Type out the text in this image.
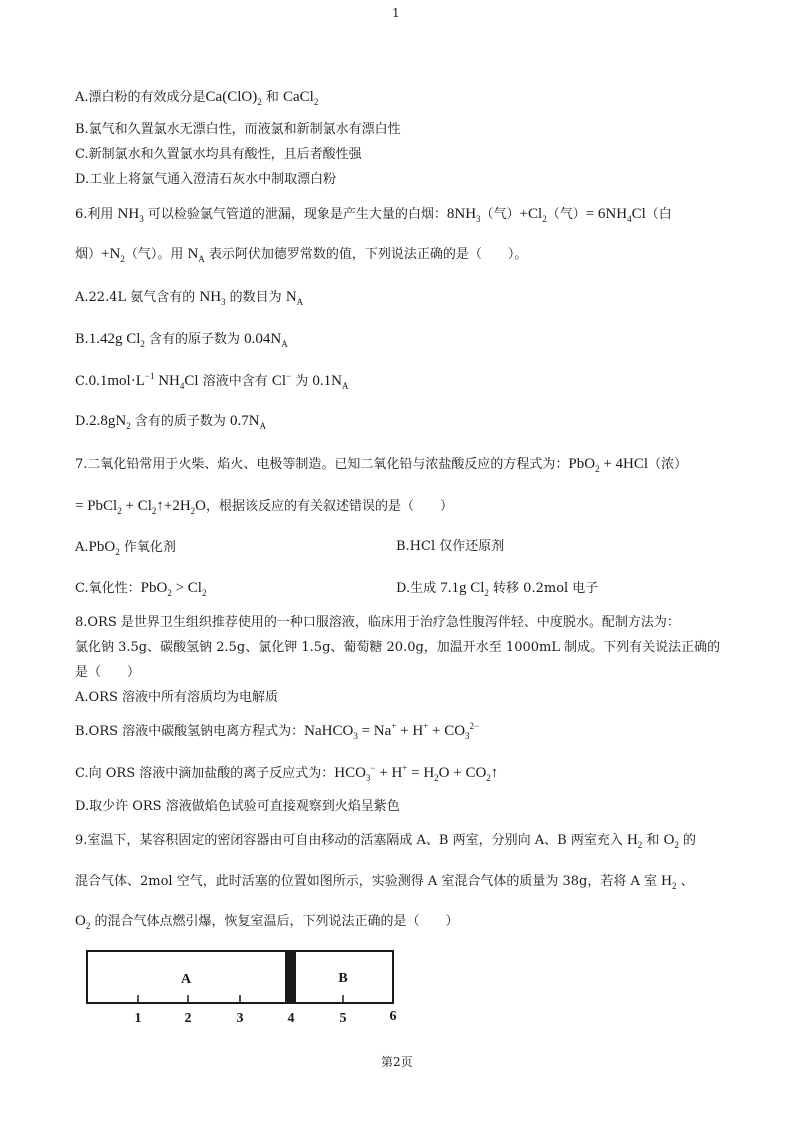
1
A.漂白粉的有效成分是$Ca(ClO)_2$ 和 CaCl$_2$
B.氯气和久置氯水无漂白性，而液氯和新制氯水有漂白性
C.新制氯水和久置氯水均具有酸性，且后者酸性强
D.工业上将氯气通入澄清石灰水中制取漂白粉
6.利用 $NH_3$ 可以检验氯气管道的泄漏，现象是产生大量的白烟：$8NH_3$（气）$+Cl_2$（气）= $6NH_4Cl$（白
烟）$+N_2$（气）。用 $N_A$ 表示阿伏加德罗常数的值，下列说法正确的是（　　）。
A.22.4L 氨气含有的 $NH_3$ 的数目为 $N_A$
B.1.42g $Cl_2$ 含有的原子数为 $0.04N_A$
$C.0.1mol\cdot L^{-1}$ $NH_4Cl$ 溶液中含有 Cl− 为 $0.1N_A$
$D.2.8gN_2$ 含有的质子数为 $0.7N_A$
7.二氧化铅常用于火柴、焰火、电极等制造。已知二氧化铅与浓盐酸反应的方程式为：PbO$_2$ + 4HCl（浓）
= PbCl$_2$ + $Cl_2↑+2H_2O$，根据该反应的有关叙述错误的是（　　）
A.PbO$_2$ 作氧化剂	B.HCl 仅作还原剂
C.氧化性：$PbO_2 > Cl_2$	D.生成 7.1g $Cl_2$ 转移 0.2mol 电子
8.ORS 是世界卫生组织推荐使用的一种口服溶液，临床用于治疗急性腹泻伴轻、中度脱水。配制方法为：
氯化钠 3.5g、碳酸氢钠 2.5g、氯化钾 1.5g、葡萄糖 20.0g，加温开水至 1000mL 制成。下列有关说法正确的
是（　　）
A.ORS 溶液中所有溶质均为电解质
B.ORS 溶液中碳酸氢钠电离方程式为：NaHCO$_3$ = $Na^+ + H^+ + CO_3^{2-}$
C.向 ORS 溶液中滴加盐酸的离子反应式为：$HCO_3^- + H^+ = H_2O$ + $CO_2↑$
D.取少许 ORS 溶液做焰色试验可直接观察到火焰呈紫色
9.室温下，某容积固定的密闭容器由可自由移动的活塞隔成 A、B 两室，分别向 A、B 两室充入 $H_2$ 和 $O_2$ 的
混合气体、2mol 空气，此时活塞的位置如图所示，实验测得 A 室混合气体的质量为 38g，若将 A 室 $H_2$ 、
$O_2$ 的混合气体点燃引爆，恢复室温后，下列说法正确的是（　　）
A	B
1	2	3	4	5	6
第2页
